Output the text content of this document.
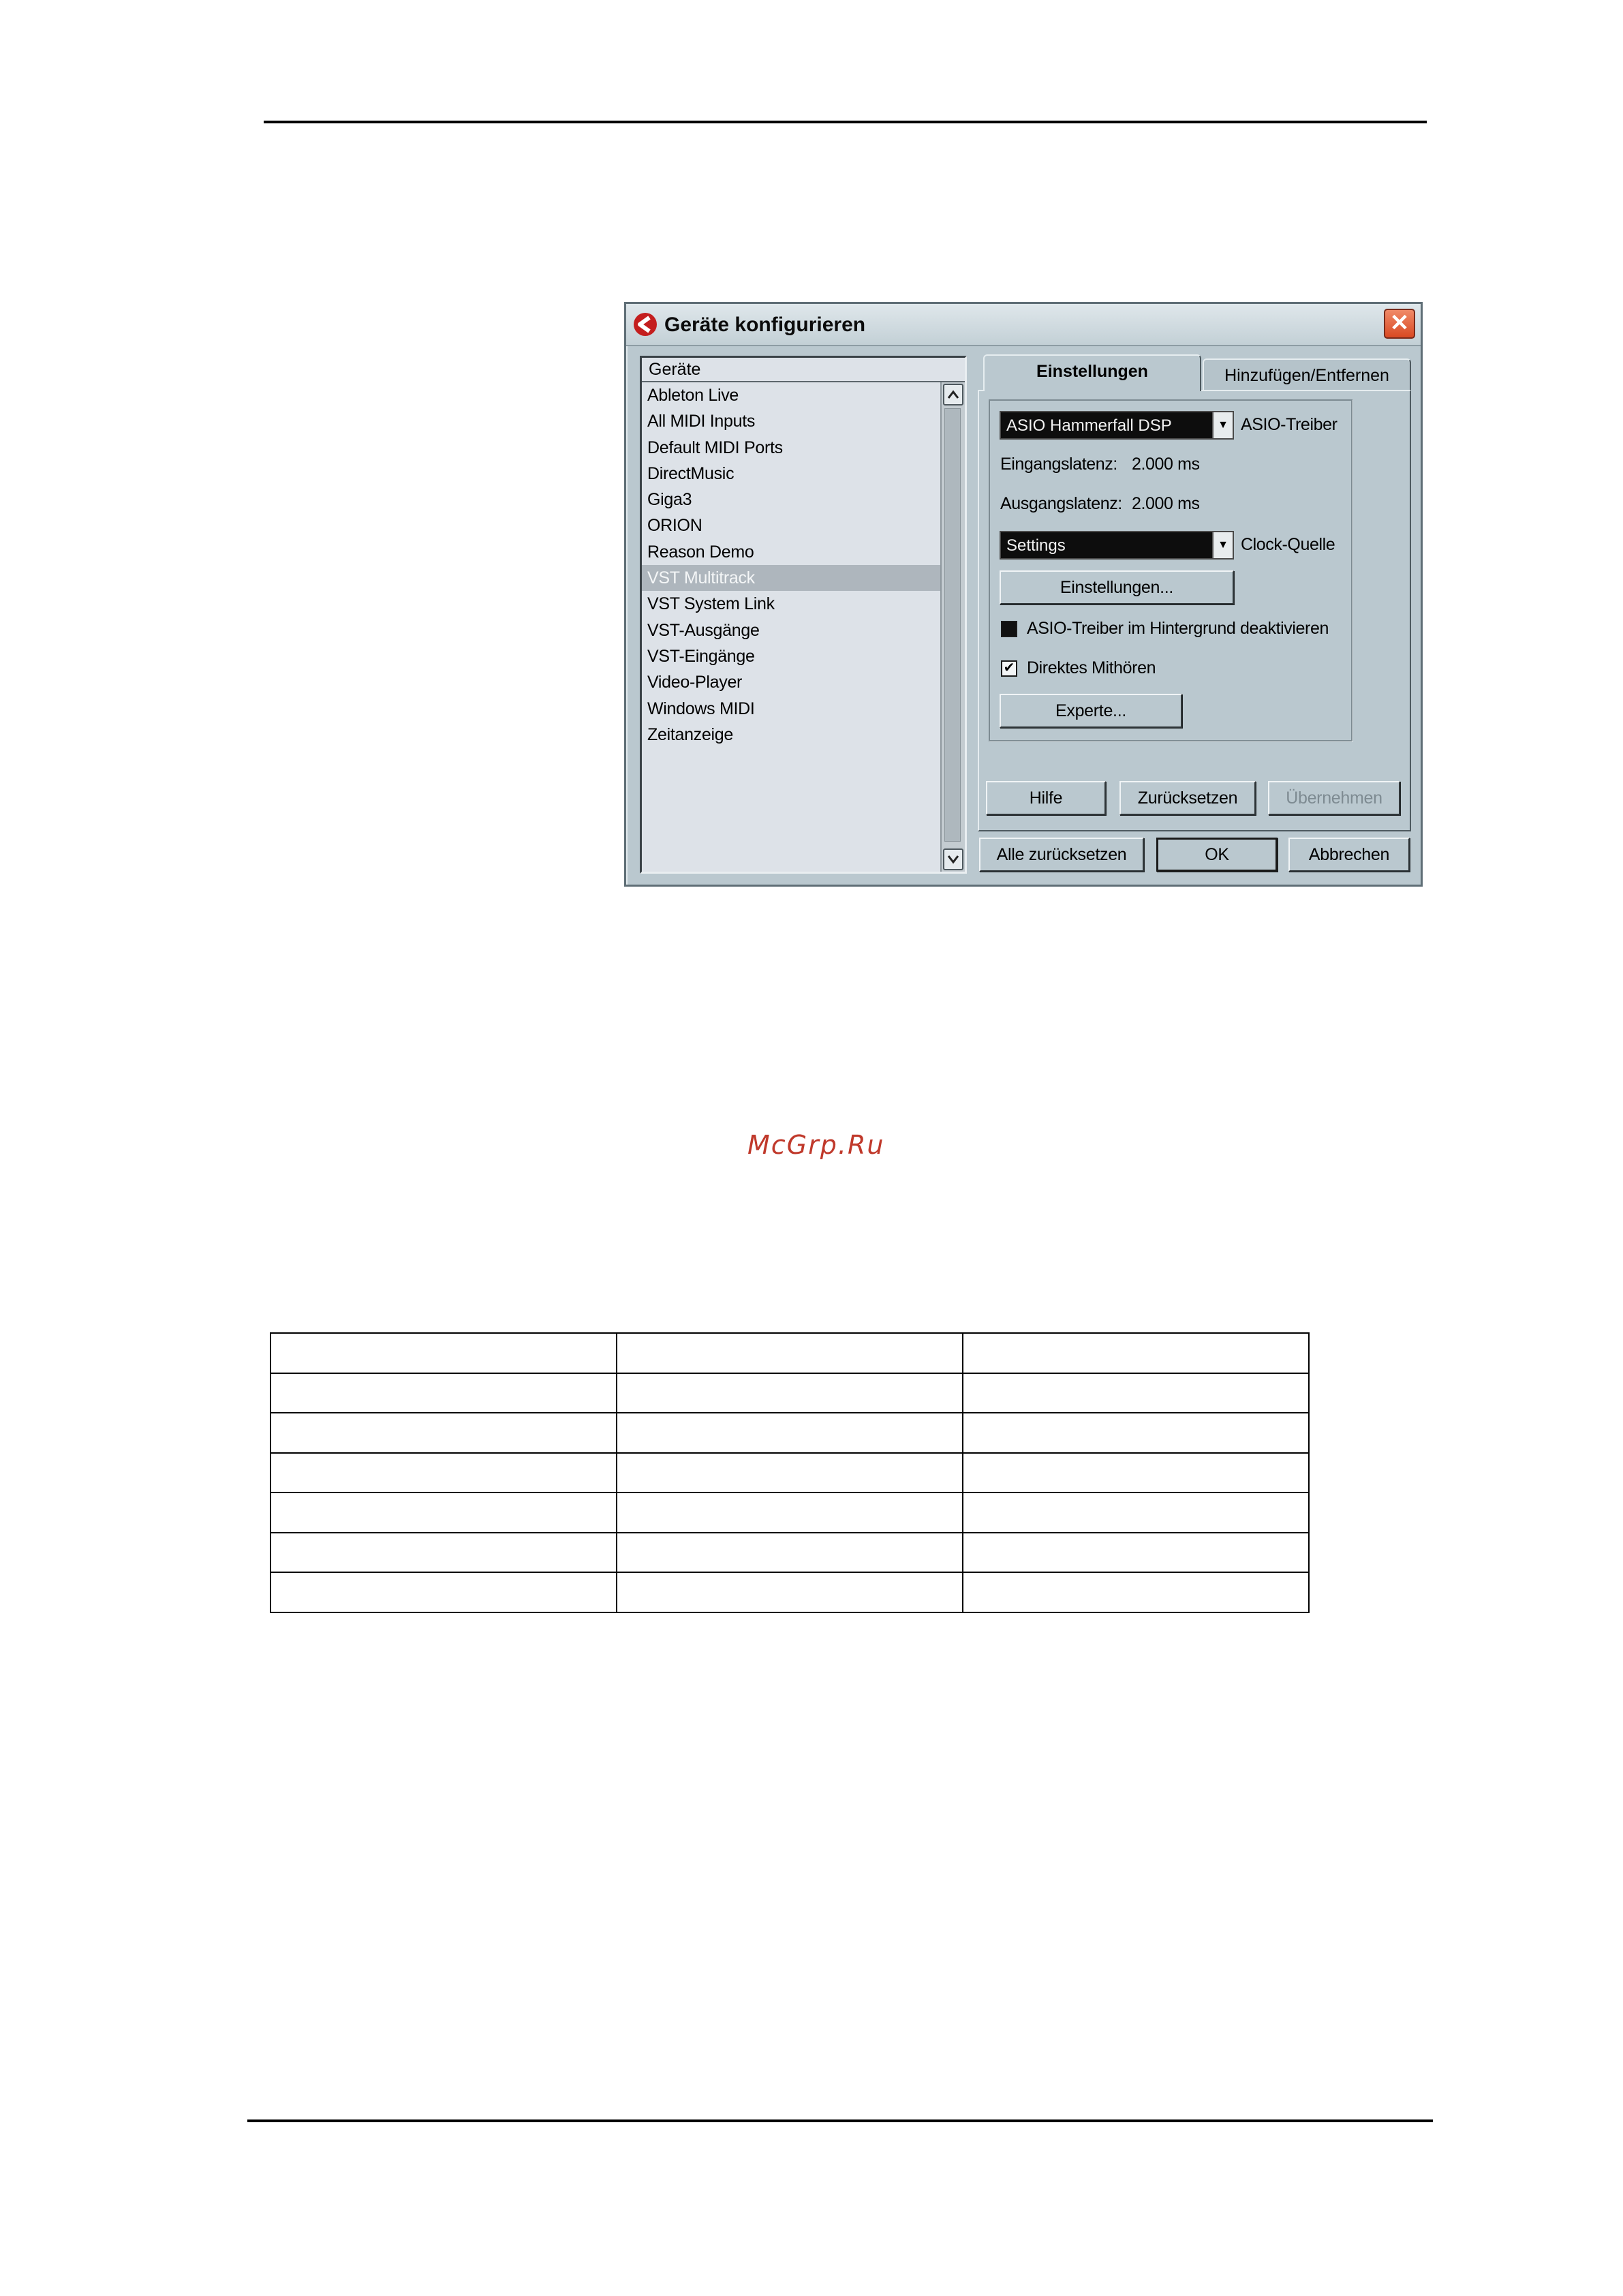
Geräte konfigurieren	✕
Geräte
Ableton Live
All MIDI Inputs
Default MIDI Ports
DirectMusic
Giga3
ORION
Reason Demo
VST Multitrack
VST System Link
VST-Ausgänge
VST-Eingänge
Video-Player
Windows MIDI
Zeitanzeige
Hinzufügen/Entfernen
Einstellungen
ASIO Hammerfall DSP	▼ ASIO-Treiber
Eingangslatenz: 2.000 ms
Ausgangslatenz: 2.000 ms
Settings	▼ Clock-Quelle
Einstellungen...
ASIO-Treiber im Hintergrund deaktivieren
✔ Direktes Mithören
Experte...
Hilfe	Zurücksetzen	Übernehmen
Alle zurücksetzen	OK	Abbrechen
McGrp.Ru
